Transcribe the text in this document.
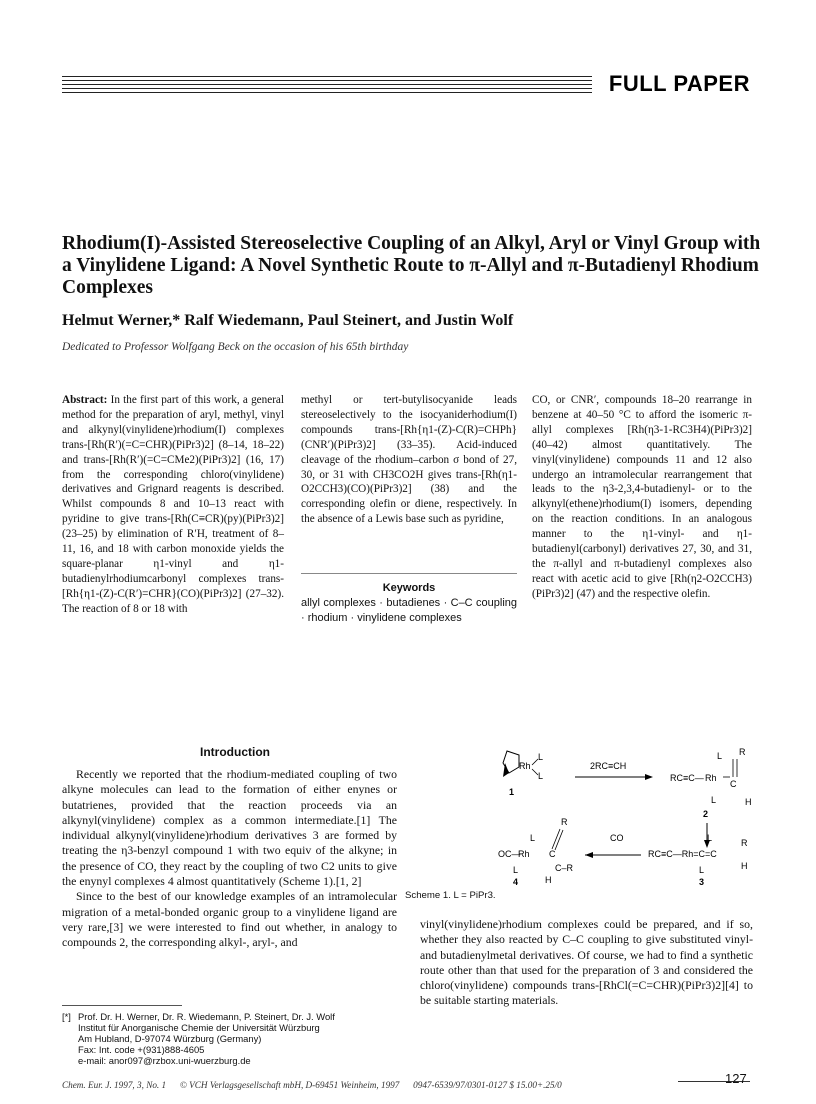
FULL PAPER
Rhodium(I)-Assisted Stereoselective Coupling of an Alkyl, Aryl or Vinyl Group with a Vinylidene Ligand: A Novel Synthetic Route to π-Allyl and π-Butadienyl Rhodium Complexes
Helmut Werner,* Ralf Wiedemann, Paul Steinert, and Justin Wolf
Dedicated to Professor Wolfgang Beck on the occasion of his 65th birthday

Abstract: In the first part of this work, a general method for the preparation of aryl, methyl, vinyl and alkynyl(vinylidene)rhodium(I) complexes trans-[Rh(R′)(=C=CHR)(PiPr3)2] (8–14, 18–22) and trans-[Rh(R′)(=C=CMe2)(PiPr3)2] (16, 17) from the corresponding chloro(vinylidene) derivatives and Grignard reagents is described. Whilst compounds 8 and 10–13 react with pyridine to give trans-[Rh(C≡CR)(py)(PiPr3)2] (23–25) by elimination of R′H, treatment of 8–11, 16, and 18 with carbon monoxide yields the square-planar η1-vinyl and η1-butadienylrhodiumcarbonyl complexes trans-[Rh{η1-(Z)-C(R′)=CHR}(CO)(PiPr3)2] (27–32). The reaction of 8 or 18 with

methyl or tert-butylisocyanide leads stereoselectively to the isocyaniderhodium(I) compounds trans-[Rh{η1-(Z)-C(R)=CHPh}(CNR′)(PiPr3)2] (33–35). Acid-induced cleavage of the rhodium–carbon σ bond of 27, 30, or 31 with CH3CO2H gives trans-[Rh(η1-O2CCH3)(CO)(PiPr3)2] (38) and the corresponding olefin or diene, respectively. In the absence of a Lewis base such as pyridine,

CO, or CNR′, compounds 18–20 rearrange in benzene at 40–50 °C to afford the isomeric π-allyl complexes [Rh(η3-1-RC3H4)(PiPr3)2] (40–42) almost quantitatively. The vinyl(vinylidene) compounds 11 and 12 also undergo an intramolecular rearrangement that leads to the η3-2,3,4-butadienyl- or to the alkynyl(ethene)rhodium(I) isomers, depending on the reaction conditions. In an analogous manner to the η1-vinyl- and η1-butadienyl(carbonyl) derivatives 27, 30, and 31, the π-allyl and π-butadienyl complexes also react with acetic acid to give [Rh(η2-O2CCH3)(PiPr3)2] (47) and the respective olefin.

Keywords
allyl complexes · butadienes · C–C coupling · rhodium · vinylidene complexes
Introduction

Recently we reported that the rhodium-mediated coupling of two alkyne molecules can lead to the formation of either enynes or butatrienes, provided that the reaction proceeds via an alkynyl(vinylidene) complex as a common intermediate.[1] The individual alkynyl(vinylidene)rhodium derivatives 3 are formed by treating the η3-benzyl compound 1 with two equiv of the alkyne; in the presence of CO, they react by the coupling of two C2 units to give the enynyl complexes 4 almost quantitatively (Scheme 1).[1, 2]

Since to the best of our knowledge examples of an intramolecular migration of a metal-bonded organic group to a vinylidene ligand are very rare,[3] we were interested to find out whether, in analogy to compounds 2, the corresponding alkyl-, aryl-, and

vinyl(vinylidene)rhodium complexes could be prepared, and if so, whether they also reacted by C–C coupling to give substituted vinyl- and butadienylmetal derivatives. Of course, we had to find a synthetic route other than that used for the preparation of 3 and considered the chloro(vinylidene) compounds trans-[RhCl(=C=CHR)(PiPr3)2][4] to be suitable starting materials.

Rh
L
L
1
2RC≡CH
RC≡C— Rh
L
L
R
C
H
2
RC≡C—Rh=C=C
R
H
L
L
3
CO
OC—
Rh
L
L
C
C–R
H
R
4
Scheme 1. L = PiPr3.
[*] Prof. Dr. H. Werner, Dr. R. Wiedemann, P. Steinert, Dr. J. Wolf
Institut für Anorganische Chemie der Universität Würzburg
Am Hubland, D-97074 Würzburg (Germany)
Fax: Int. code +(931)888-4605
e-mail: anor097@rzbox.uni-wuerzburg.de
Chem. Eur. J. 1997, 3, No. 1      © VCH Verlagsgesellschaft mbH, D-69451 Weinheim, 1997      0947-6539/97/0301-0127 $ 15.00+.25/0	127
